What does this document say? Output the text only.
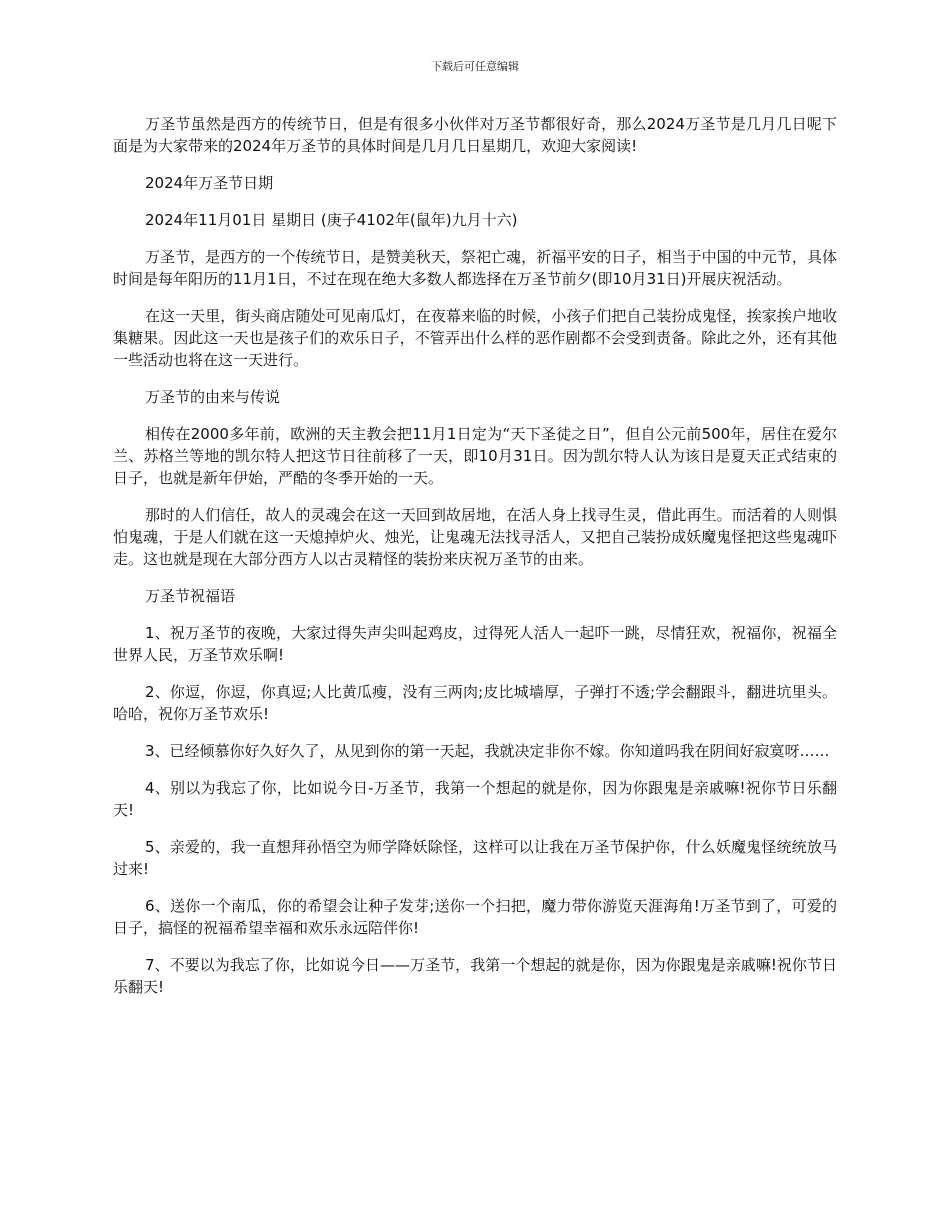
下载后可任意编辑

万圣节虽然是西方的传统节日，但是有很多小伙伴对万圣节都很好奇，那么2024万圣节是几月几日呢下面是为大家带来的2024年万圣节的具体时间是几月几日星期几，欢迎大家阅读!

2024年万圣节日期

2024年11月01日 星期日 (庚子4102年(鼠年)九月十六)

万圣节，是西方的一个传统节日，是赞美秋天，祭祀亡魂，祈福平安的日子，相当于中国的中元节，具体时间是每年阳历的11月1日，不过在现在绝大多数人都选择在万圣节前夕(即10月31日)开展庆祝活动。

在这一天里，街头商店随处可见南瓜灯，在夜幕来临的时候，小孩子们把自己装扮成鬼怪，挨家挨户地收集糖果。因此这一天也是孩子们的欢乐日子，不管弄出什么样的恶作剧都不会受到责备。除此之外，还有其他一些活动也将在这一天进行。

万圣节的由来与传说

相传在2000多年前，欧洲的天主教会把11月1日定为“天下圣徒之日”，但自公元前500年，居住在爱尔兰、苏格兰等地的凯尔特人把这节日往前移了一天，即10月31日。因为凯尔特人认为该日是夏天正式结束的日子，也就是新年伊始，严酷的冬季开始的一天。

那时的人们信任，故人的灵魂会在这一天回到故居地，在活人身上找寻生灵，借此再生。而活着的人则惧怕鬼魂，于是人们就在这一天熄掉炉火、烛光，让鬼魂无法找寻活人，又把自己装扮成妖魔鬼怪把这些鬼魂吓走。这也就是现在大部分西方人以古灵精怪的装扮来庆祝万圣节的由来。

万圣节祝福语

1、祝万圣节的夜晚，大家过得失声尖叫起鸡皮，过得死人活人一起吓一跳，尽情狂欢，祝福你，祝福全世界人民，万圣节欢乐啊!

2、你逗，你逗，你真逗;人比黄瓜瘦，没有三两肉;皮比城墙厚，子弹打不透;学会翻跟斗，翻进坑里头。哈哈，祝你万圣节欢乐!

3、已经倾慕你好久好久了，从见到你的第一天起，我就决定非你不嫁。你知道吗我在阴间好寂寞呀……

4、别以为我忘了你，比如说今日-万圣节，我第一个想起的就是你，因为你跟鬼是亲戚嘛!祝你节日乐翻天!

5、亲爱的，我一直想拜孙悟空为师学降妖除怪，这样可以让我在万圣节保护你，什么妖魔鬼怪统统放马过来!

6、送你一个南瓜，你的希望会让种子发芽;送你一个扫把，魔力带你游览天涯海角!万圣节到了，可爱的日子，搞怪的祝福希望幸福和欢乐永远陪伴你!

7、不要以为我忘了你，比如说今日——万圣节，我第一个想起的就是你，因为你跟鬼是亲戚嘛!祝你节日乐翻天!
